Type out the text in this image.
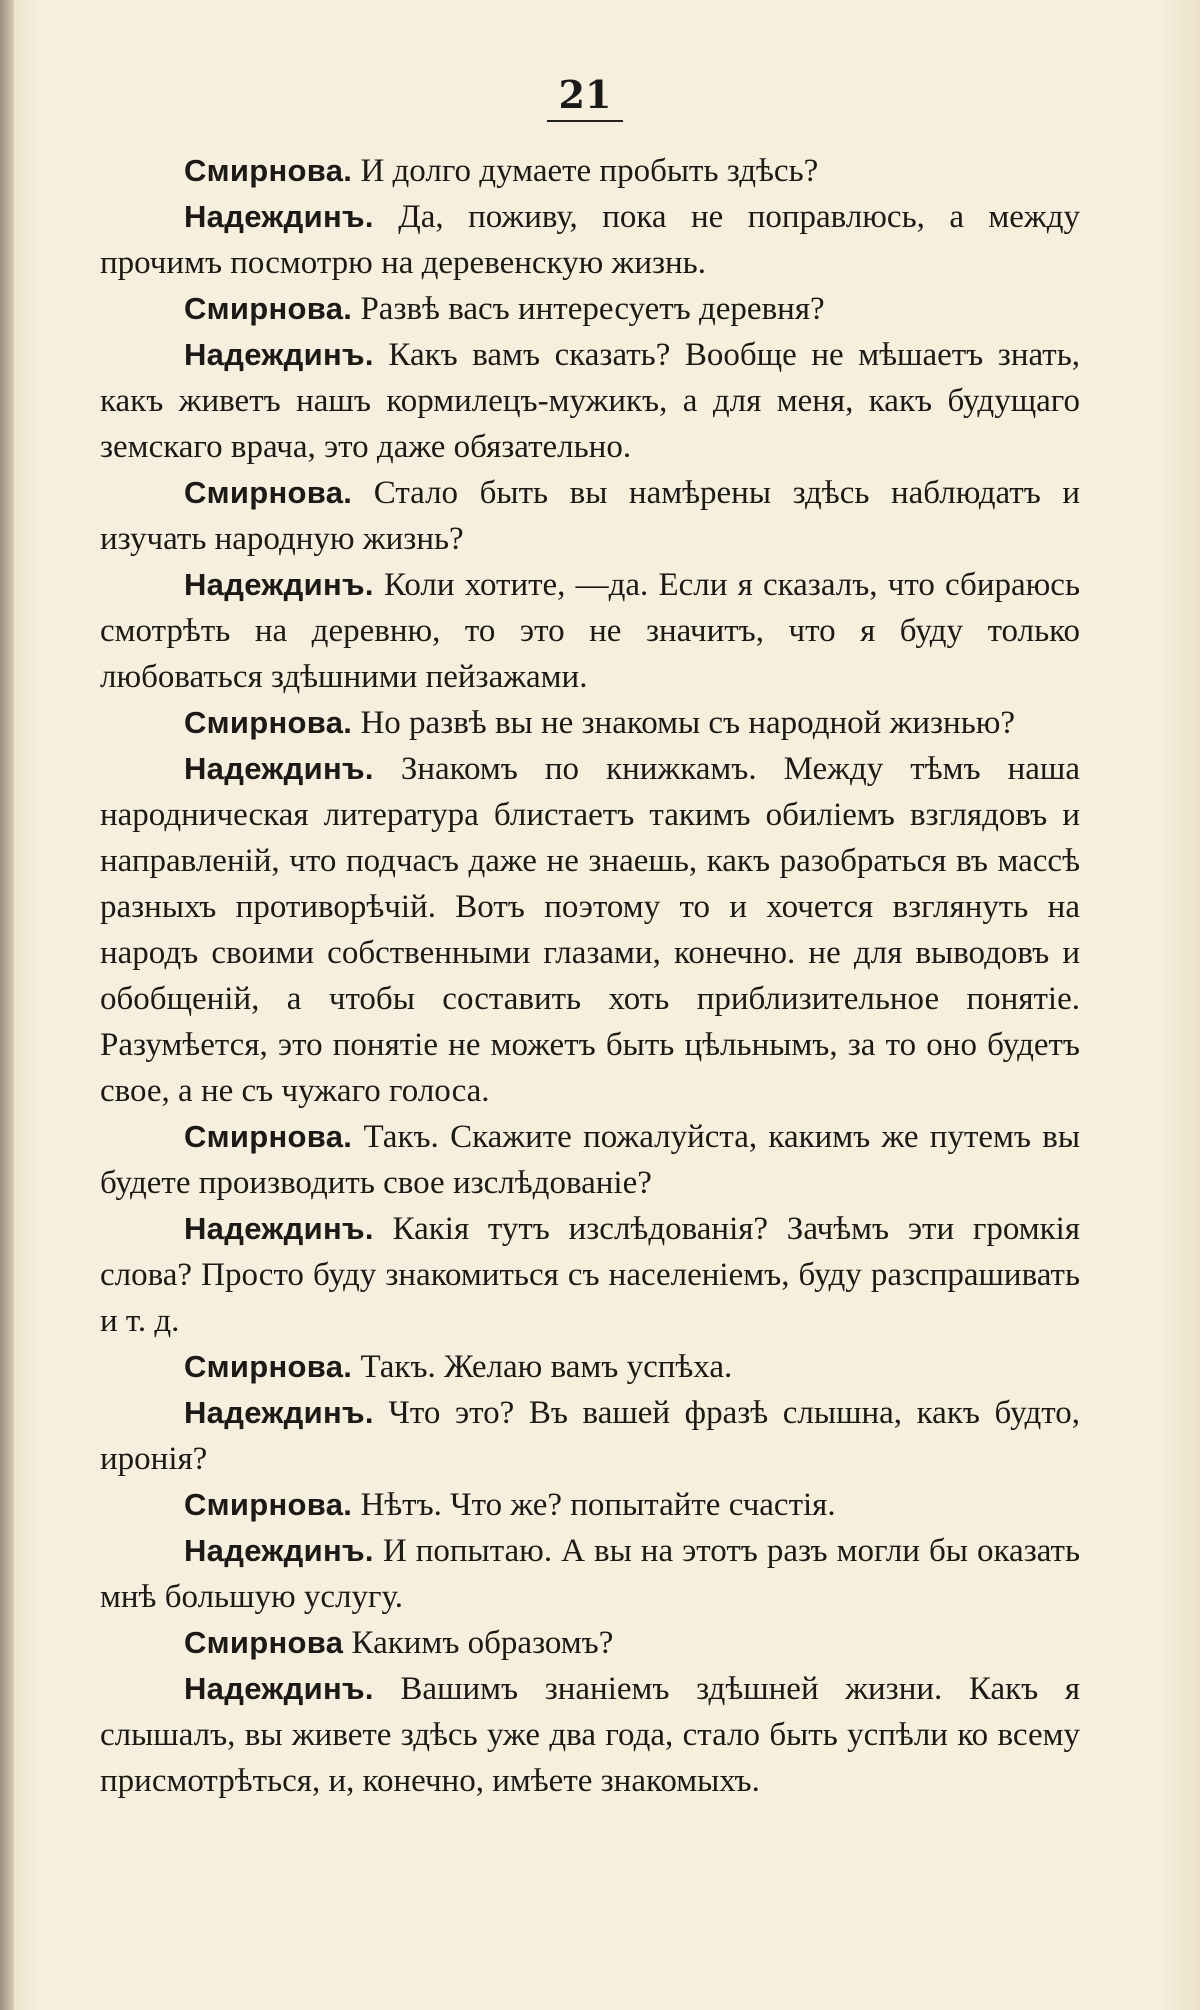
21

Смирнова. И долго думаете пробыть здѣсь?

Надеждинъ. Да, поживу, пока не поправлюсь, а между прочимъ посмотрю на деревенскую жизнь.

Смирнова. Развѣ васъ интересуетъ деревня?

Надеждинъ. Какъ вамъ сказать? Вообще не мѣшаетъ знать, какъ живетъ нашъ кормилецъ-мужикъ, а для меня, какъ будущаго земскаго врача, это даже обязательно.

Смирнова. Стало быть вы намѣрены здѣсь наблюдатъ и изучать народную жизнь?

Надеждинъ. Коли хотите, —да. Если я сказалъ, что сбираюсь смотрѣть на деревню, то это не значитъ, что я буду только любоваться здѣшними пейзажами.

Смирнова. Но развѣ вы не знакомы съ народной жизнью?

Надеждинъ. Знакомъ по книжкамъ. Между тѣмъ наша народническая литература блистаетъ такимъ обиліемъ взглядовъ и направленій, что подчасъ даже не знаешь, какъ разобраться въ массѣ разныхъ противорѣчій. Вотъ поэтому то и хочется взглянуть на народъ своими собственными глазами, конечно. не для выводовъ и обобщеній, а чтобы составить хоть приблизительное понятіе. Разумѣется, это понятіе не можетъ быть цѣльнымъ, за то оно будетъ свое, а не съ чужаго голоса.

Смирнова. Такъ. Скажите пожалуйста, какимъ же путемъ вы будете производить свое изслѣдованіе?

Надеждинъ. Какія тутъ изслѣдованія? Зачѣмъ эти громкія слова? Просто буду знакомиться съ населеніемъ, буду разспрашивать и т. д.

Смирнова. Такъ. Желаю вамъ успѣха.

Надеждинъ. Что это? Въ вашей фразѣ слышна, какъ будто, иронія?

Смирнова. Нѣтъ. Что же? попытайте счастія.

Надеждинъ. И попытаю. А вы на этотъ разъ могли бы оказать мнѣ большую услугу.

Смирнова Какимъ образомъ?

Надеждинъ. Вашимъ знаніемъ здѣшней жизни. Какъ я слышалъ, вы живете здѣсь уже два года, стало быть успѣли ко всему присмотрѣться, и, конечно, имѣете знакомыхъ.
